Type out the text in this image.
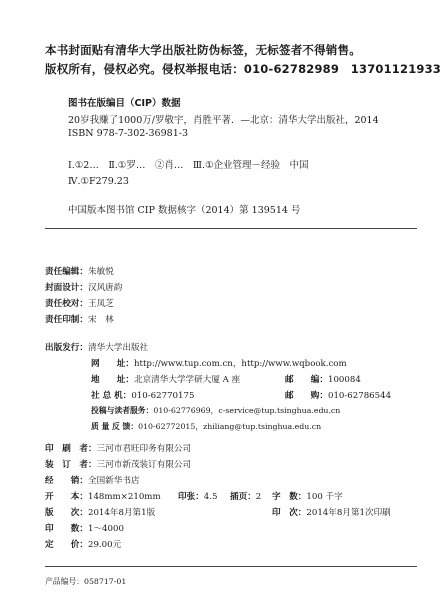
本书封面贴有清华大学出版社防伪标签，无标签者不得销售。
版权所有，侵权必究。侵权举报电话：010-62782989　13701121933
图书在版编目（CIP）数据
20岁我赚了1000万/罗敬宇，肖胜平著．—北京：清华大学出版社，2014
ISBN 978-7-302-36981-3
Ⅰ.①2…　Ⅱ.①罗…　②肖…　Ⅲ.①企业管理－经验　中国
Ⅳ.①F279.23
中国版本图书馆 CIP 数据核字（2014）第 139514 号
责任编辑：朱敏悦
封面设计：汉风唐韵
责任校对：王凤芝
责任印制：宋　林
出版发行：清华大学出版社
网　　址：http://www.tup.com.cn，http://www.wqbook.com
地　　址：北京清华大学学研大厦 A 座	邮　　编：100084
社 总 机：010-62770175	邮　　购：010-62786544
投稿与读者服务：010-62776969，c-service@tup.tsinghua.edu.cn
质 量 反 馈：010-62772015，zhiliang@tup.tsinghua.edu.cn
印　刷　者：三河市君旺印务有限公司
装　订　者：三河市新茂装订有限公司
经　　销：全国新华书店
开　　本：148mm×210mm 印张：4.5 插页：2 字　数：100 千字
版　　次：2014年8月第1版	印　次：2014年8月第1次印刷
印　　数：1～4000
定　　价：29.00元
产品编号：058717-01
